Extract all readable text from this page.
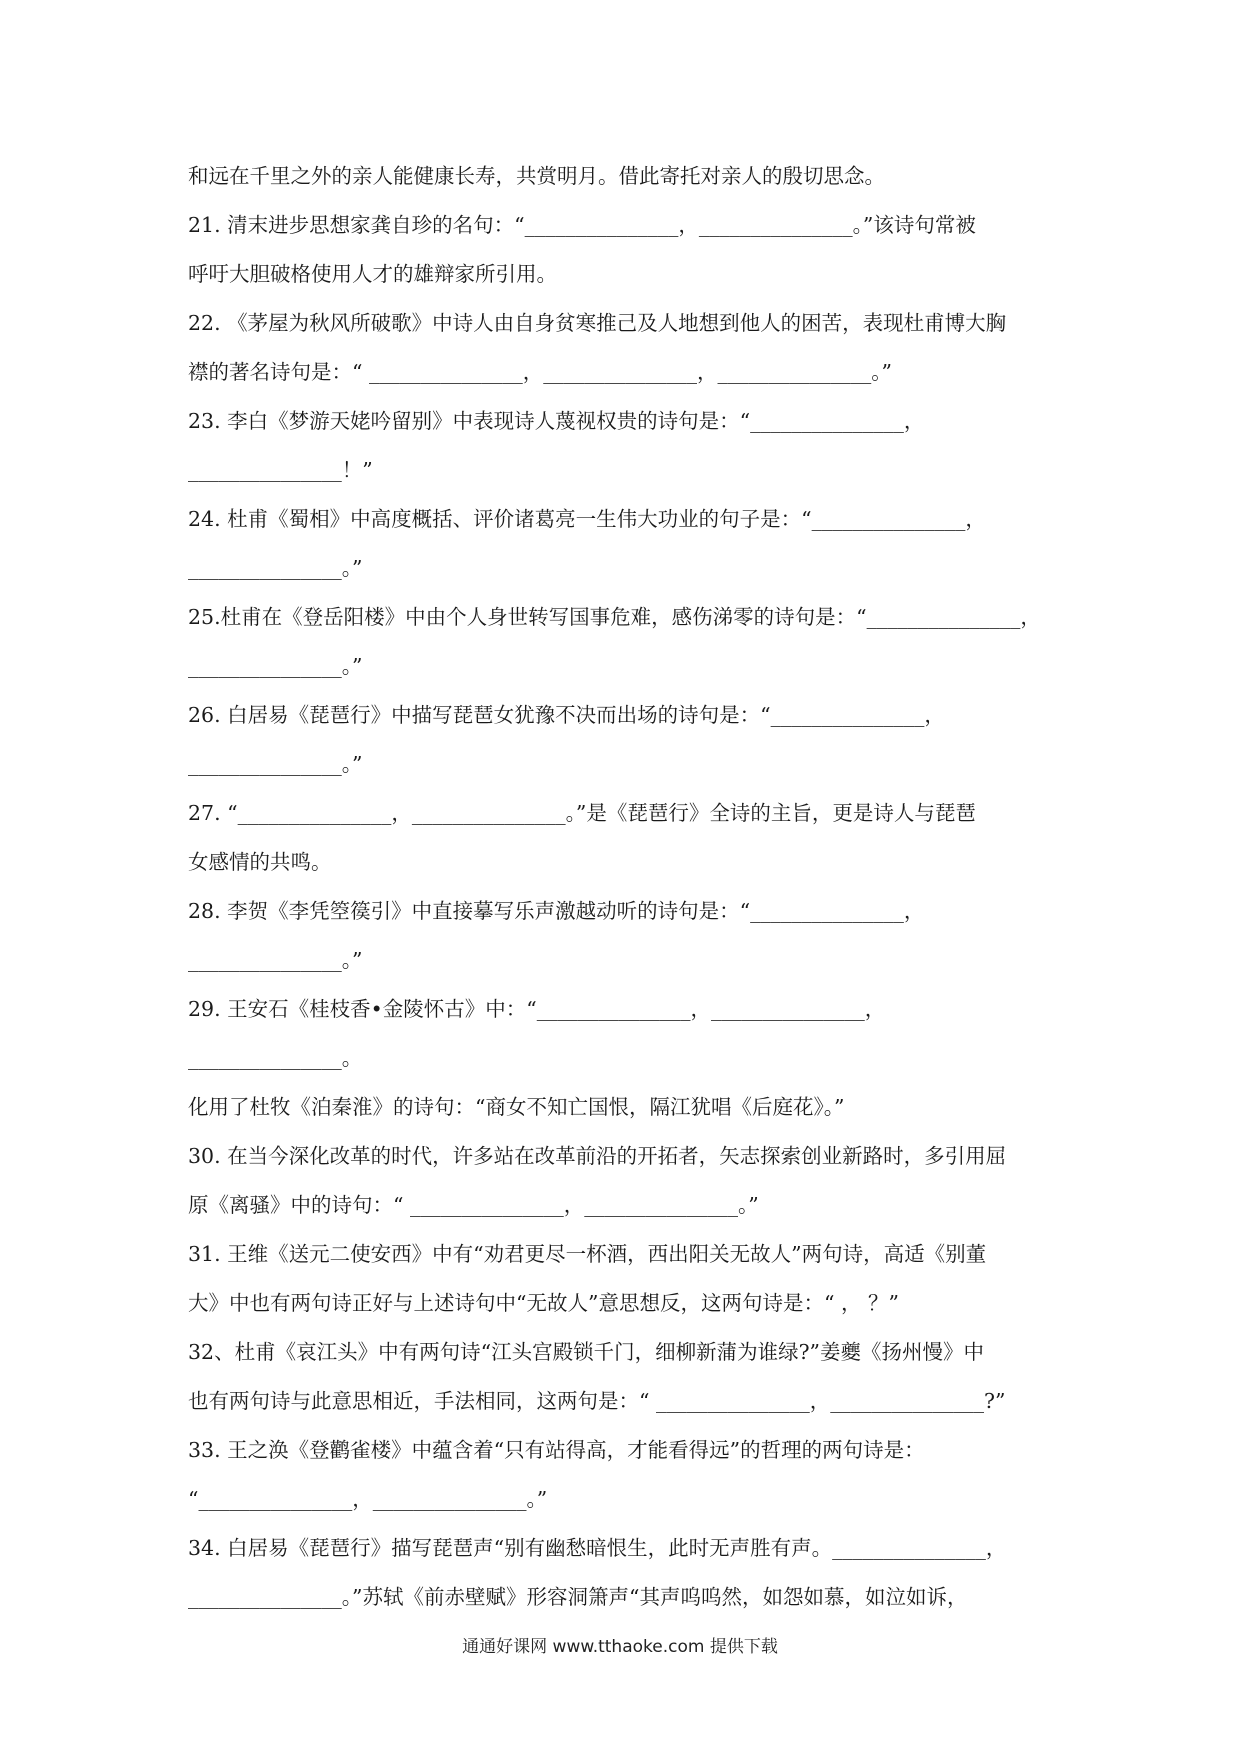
和远在千里之外的亲人能健康长寿，共赏明月。借此寄托对亲人的殷切思念。
21. 清末进步思想家龚自珍的名句：“_______________，_______________。”该诗句常被
呼吁大胆破格使用人才的雄辩家所引用。
22. 《茅屋为秋风所破歌》中诗人由自身贫寒推己及人地想到他人的困苦，表现杜甫博大胸
襟的著名诗句是：“ _______________，_______________，_______________。”
23. 李白《梦游天姥吟留别》中表现诗人蔑视权贵的诗句是：“_______________，
_______________！”
24. 杜甫《蜀相》中高度概括、评价诸葛亮一生伟大功业的句子是：“_______________，
_______________。”
25.杜甫在《登岳阳楼》中由个人身世转写国事危难，感伤涕零的诗句是：“_______________，
_______________。”
26. 白居易《琵琶行》中描写琵琶女犹豫不决而出场的诗句是：“_______________，
_______________。”
27. “_______________，_______________。”是《琵琶行》全诗的主旨，更是诗人与琵琶
女感情的共鸣。
28. 李贺《李凭箜篌引》中直接摹写乐声激越动听的诗句是：“_______________，
_______________。”
29. 王安石《桂枝香•金陵怀古》中：“_______________，_______________，
_______________。
化用了杜牧《泊秦淮》的诗句：“商女不知亡国恨，隔江犹唱《后庭花》。”
30. 在当今深化改革的时代，许多站在改革前沿的开拓者，矢志探索创业新路时，多引用屈
原《离骚》中的诗句：“ _______________，_______________。”
31. 王维《送元二使安西》中有“劝君更尽一杯酒，西出阳关无故人”两句诗，高适《别董
大》中也有两句诗正好与上述诗句中“无故人”意思想反，这两句诗是：“ ， ？”
32、杜甫《哀江头》中有两句诗“江头宫殿锁千门，细柳新蒲为谁绿?”姜夔《扬州慢》中
也有两句诗与此意思相近，手法相同，这两句是：“ _______________，_______________?”
33. 王之涣《登鹳雀楼》中蕴含着“只有站得高，才能看得远”的哲理的两句诗是：
“_______________，_______________。”
34. 白居易《琵琶行》描写琵琶声“别有幽愁暗恨生，此时无声胜有声。_______________，
_______________。”苏轼《前赤壁赋》形容洞箫声“其声呜呜然，如怨如慕，如泣如诉，
通通好课网 www.tthaoke.com 提供下载
